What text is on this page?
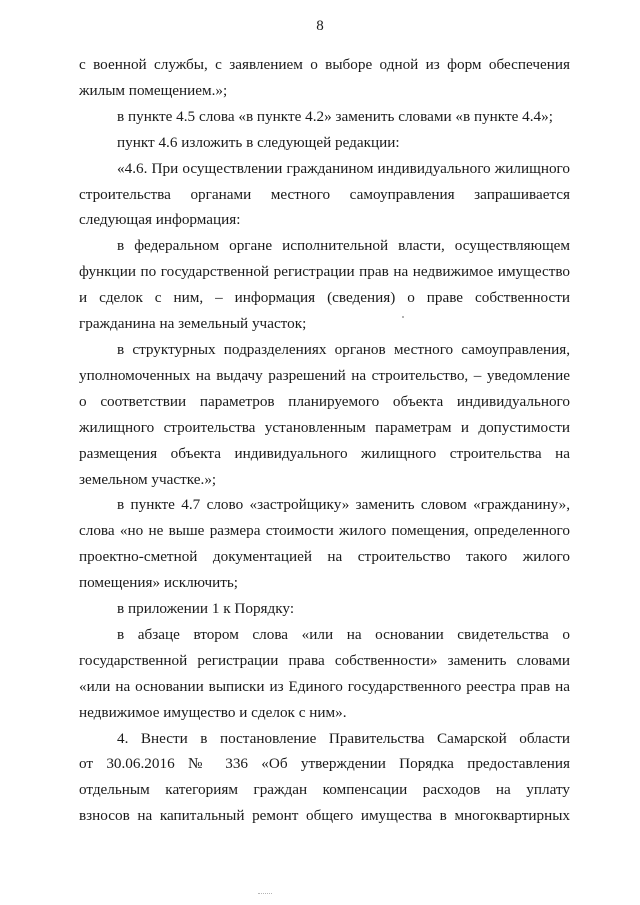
8
с военной службы, с заявлением о выборе одной из форм обеспечения
жилым помещением.»;
в пункте 4.5 слова «в пункте 4.2» заменить словами «в пункте 4.4»;
пункт 4.6 изложить в следующей редакции:
«4.6. При осуществлении гражданином индивидуального жилищного
строительства органами местного самоуправления запрашивается
следующая информация:
в федеральном органе исполнительной власти, осуществляющем
функции по государственной регистрации прав на недвижимое имущество
и сделок с ним, – информация (сведения) о праве собственности
гражданина на земельный участок;
в структурных подразделениях органов местного самоуправления,
уполномоченных на выдачу разрешений на строительство, – уведомление
о соответствии параметров планируемого объекта индивидуального
жилищного строительства установленным параметрам и допустимости
размещения объекта индивидуального жилищного строительства на
земельном участке.»;
в пункте 4.7 слово «застройщику» заменить словом «гражданину»,
слова «но не выше размера стоимости жилого помещения, определенного
проектно-сметной документацией на строительство такого жилого
помещения» исключить;
в приложении 1 к Порядку:
в абзаце втором слова «или на основании свидетельства о
государственной регистрации права собственности» заменить словами
«или на основании выписки из Единого государственного реестра прав на
недвижимое имущество и сделок с ним».
4. Внести в постановление Правительства Самарской области
от 30.06.2016 № 336 «Об утверждении Порядка предоставления
отдельным категориям граждан компенсации расходов на уплату
взносов на капитальный ремонт общего имущества в многоквартирных
